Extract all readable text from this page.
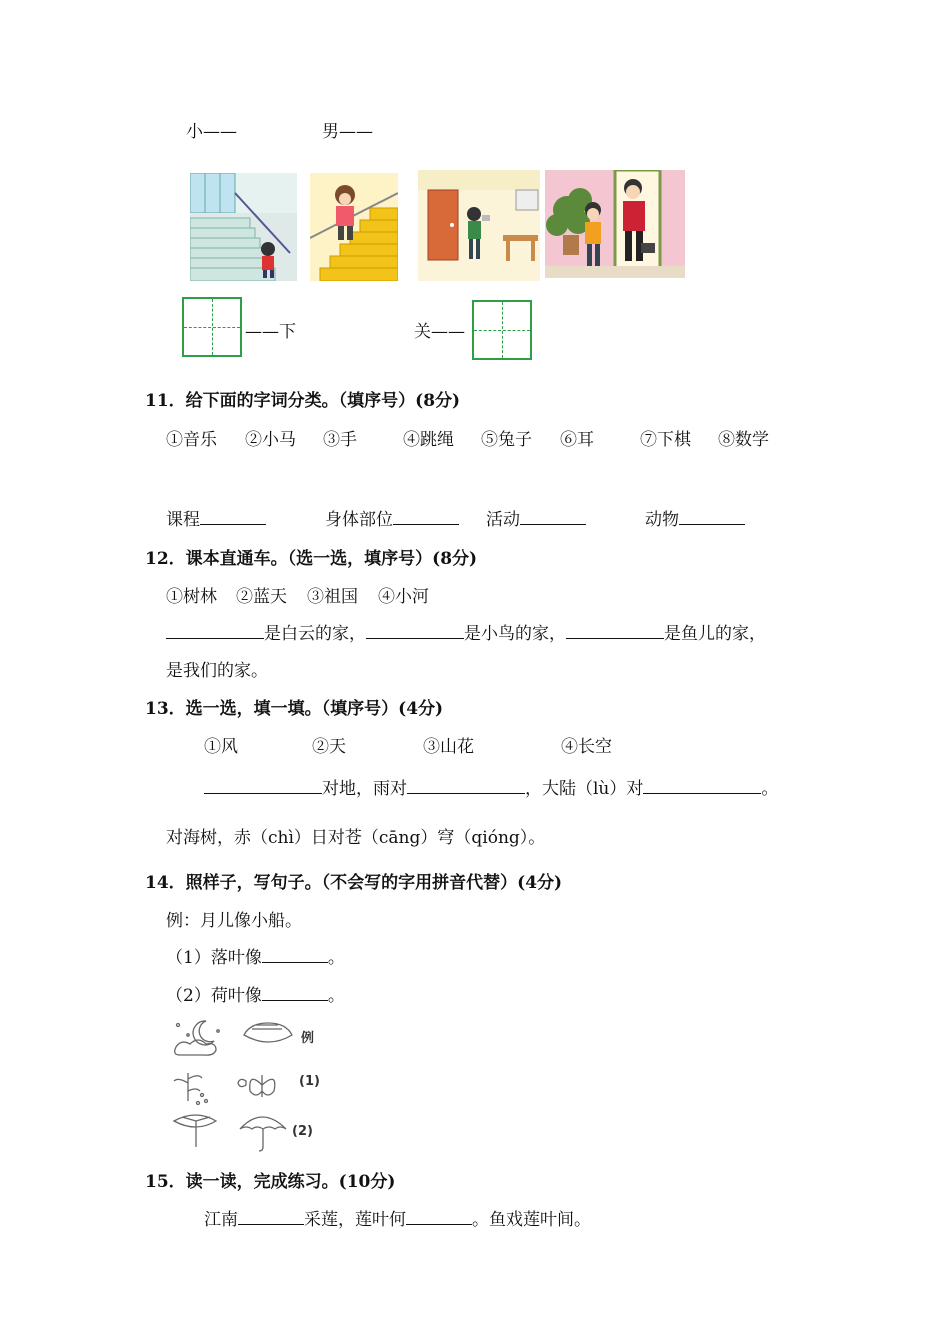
小——	男——
——下	关——
11．给下面的字词分类。（填序号）(8分)
①音乐 ②小马 ③手	④跳绳 ⑤兔子 ⑥耳	⑦下棋 ⑧数学
课程	身体部位	活动	动物
12．课本直通车。（选一选，填序号）(8分)
①树林 ②蓝天 ③祖国 ④小河
是白云的家，	是小鸟的家，	是鱼儿的家，
是我们的家。
13．选一选，填一填。（填序号）(4分)
①风	②天	③山花	④长空
对地，雨对	，大陆（lù）对	。
对海树，赤（chì）日对苍（cāng）穹（qióng）。
14．照样子，写句子。（不会写的字用拼音代替）(4分)
例：月儿像小船。
（1）落叶像	。
（2）荷叶像	。
例
(1)
(2)
15．读一读，完成练习。(10分)
江南	采莲，莲叶何	。鱼戏莲叶间。
